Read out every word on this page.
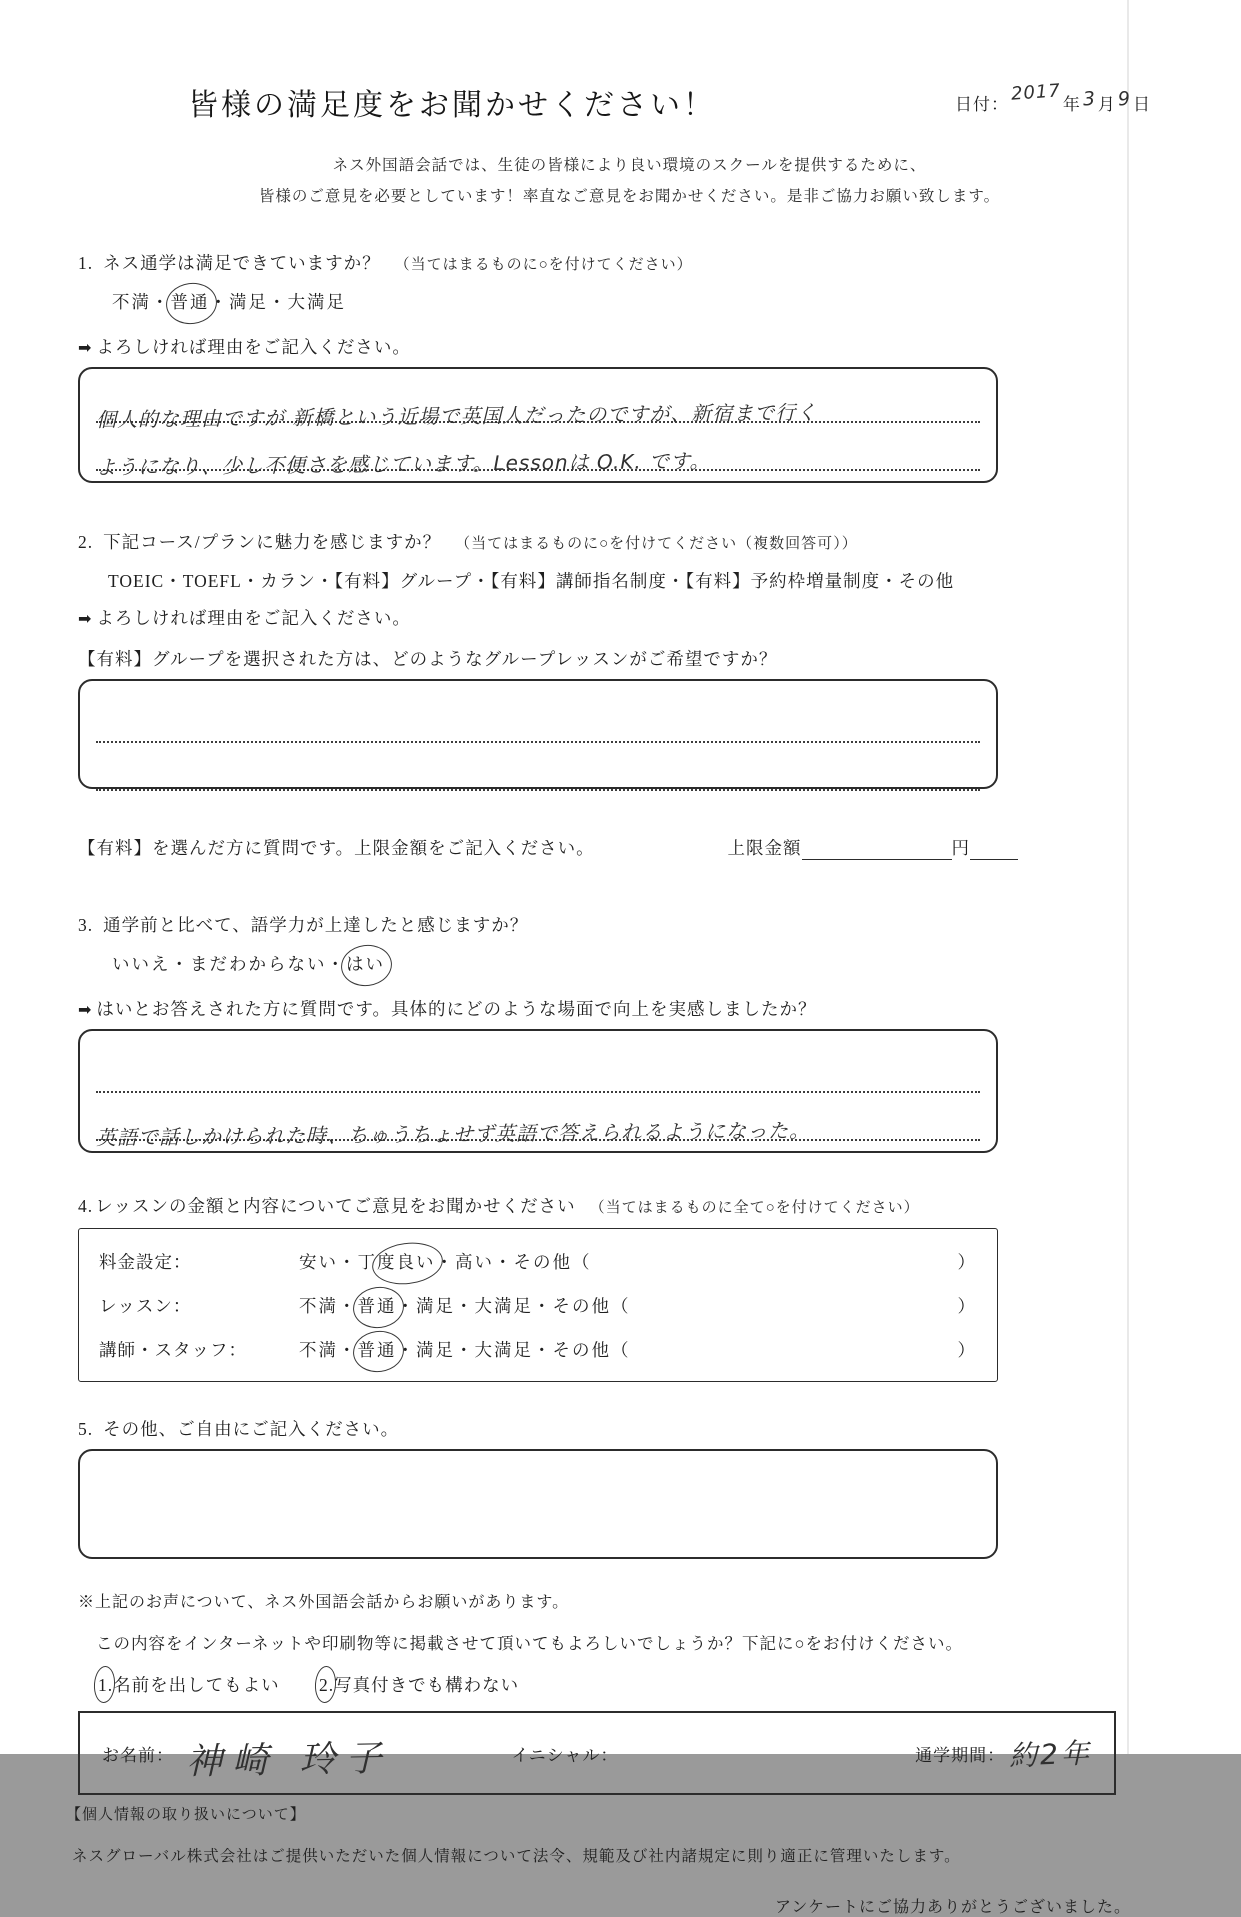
皆様の満足度をお聞かせください！	日付：2017年3月9日
ネス外国語会話では、生徒の皆様により良い環境のスクールを提供するために、
皆様のご意見を必要としています！率直なご意見をお聞かせください。是非ご協力お願い致します。
1. ネス通学は満足できていますか？ （当てはまるものに○を付けてください）
不満・普通・満足・大満足
➡ よろしければ理由をご記入ください。
個人的な理由ですが 新橋という近場で英国人だったのですが、新宿まで行く
ようになり、少し不便さを感じています。Lessonは O.K. です。
2. 下記コース/プランに魅力を感じますか？ （当てはまるものに○を付けてください（複数回答可））
TOEIC・TOEFL・カラン・【有料】グループ・【有料】講師指名制度・【有料】予約枠増量制度・その他
➡ よろしければ理由をご記入ください。
【有料】グループを選択された方は、どのようなグループレッスンがご希望ですか？
【有料】を選んだ方に質問です。上限金額をご記入ください。	上限金額	円
3. 通学前と比べて、語学力が上達したと感じますか？
いいえ・まだわからない・はい
➡ はいとお答えされた方に質問です。具体的にどのような場面で向上を実感しましたか？
英語で話しかけられた時、ちゅうちょせず英語で答えられるようになった。
4. レッスンの金額と内容についてご意見をお聞かせください （当てはまるものに全て○を付けてください）
料金設定：	安い・丁 度良い ・高い・その他（	）
レッスン：	不満・ 普通 ・満足・大満足・その他（	）
講師・スタッフ：	不満・ 普通 ・満足・大満足・その他（	）
5. その他、ご自由にご記入ください。
※上記のお声について、ネス外国語会話からお願いがあります。
この内容をインターネットや印刷物等に掲載させて頂いてもよろしいでしょうか？下記に○をお付けください。
1.名前を出してもよい 2.写真付きでも構わない
お名前： 神崎 玲子	イニシャル：	通学期間： 約2年
【個人情報の取り扱いについて】
ネスグローバル株式会社はご提供いただいた個人情報について法令、規範及び社内諸規定に則り適正に管理いたします。
アンケートにご協力ありがとうございました。
